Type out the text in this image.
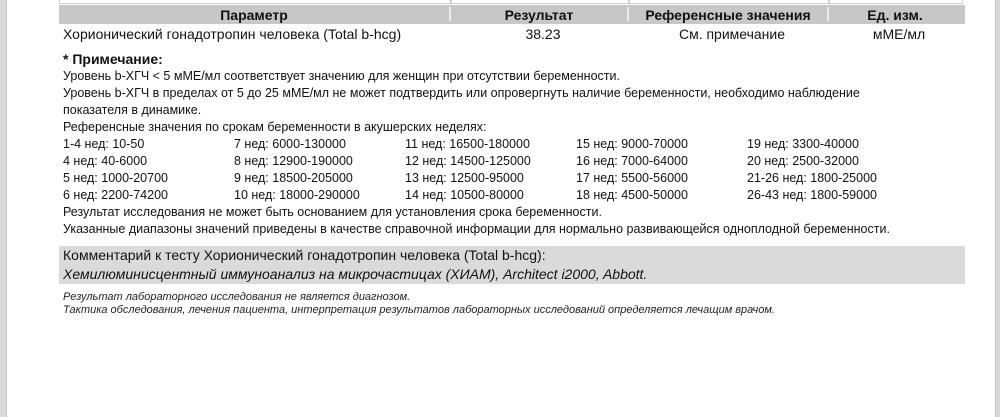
Параметр	Результат	Референсные значения	Ед. изм.
Хорионический гонадотропин человека (Total b-hcg)	38.23	См. примечание	мМЕ/мл
* Примечание:
Уровень b-ХГЧ < 5 мМЕ/мл соответствует значению для женщин при отсутствии беременности.
Уровень b-ХГЧ в пределах от 5 до 25 мМЕ/мл не может подтвердить или опровергнуть наличие беременности, необходимо наблюдение
показателя в динамике.
Референсные значения по срокам беременности в акушерских неделях:
1-4 нед: 10-50	7 нед: 6000-130000	11 нед: 16500-180000	15 нед: 9000-70000	19 нед: 3300-40000
4 нед: 40-6000	8 нед: 12900-190000	12 нед: 14500-125000	16 нед: 7000-64000	20 нед: 2500-32000
5 нед: 1000-20700	9 нед: 18500-205000	13 нед: 12500-95000	17 нед: 5500-56000	21-26 нед: 1800-25000
6 нед: 2200-74200	10 нед: 18000-290000	14 нед: 10500-80000	18 нед: 4500-50000	26-43 нед: 1800-59000
Результат исследования не может быть основанием для установления срока беременности.
Указанные диапазоны значений приведены в качестве справочной информации для нормально развивающейся одноплодной беременности.
Комментарий к тесту Хорионический гонадотропин человека (Total b-hcg):
Хемилюминисцентный иммуноанализ на микрочастицах (ХИАМ), Architect i2000, Abbott.
Результат лабораторного исследования не является диагнозом.
Тактика обследования, лечения пациента, интерпретация результатов лабораторных исследований определяется лечащим врачом.
